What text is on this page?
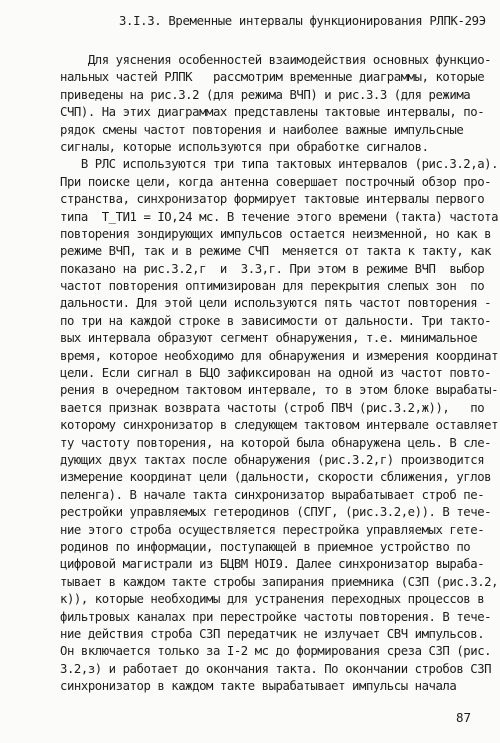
3.I.3. Временные интервалы функционирования РЛПК-29Э
Для уяснения особенностей взаимодействия основных функцио-
нальных частей РЛПК   рассмотрим временные диаграммы, которые
приведены на рис.3.2 (для режима ВЧП) и рис.3.3 (для режима
СЧП). На этих диаграммах представлены тактовые интервалы, по-
рядок смены частот повторения и наиболее важные импульсные
сигналы, которые используются при обработке сигналов.
В РЛС используются три типа тактовых интервалов (рис.3.2,а).
При поиске цели, когда антенна совершает построчный обзор про-
странства, синхронизатор формирует тактовые интервалы первого
типа  T_TИ1 = IO,24 мс. В течение этого времени (такта) частота
повторения зондирующих импульсов остается неизменной, но как в
режиме ВЧП, так и в режиме СЧП  меняется от такта к такту, как
показано на рис.3.2,г  и  3.3,г. При этом в режиме ВЧП  выбор
частот повторения оптимизирован для перекрытия слепых зон  по
дальности. Для этой цели используются пять частот повторения -
по три на каждой строке в зависимости от дальности. Три такто-
вых интервала образуют сегмент обнаружения, т.е. минимальное
время, которое необходимо для обнаружения и измерения координат
цели. Если сигнал в БЦО зафиксирован на одной из частот повто-
рения в очередном тактовом интервале, то в этом блоке вырабаты-
вается признак возврата частоты (строб ПВЧ (рис.3.2,ж)),   по
которому синхронизатор в следующем тактовом интервале оставляет
ту частоту повторения, на которой была обнаружена цель. В сле-
дующих двух тактах после обнаружения (рис.3.2,г) производится
измерение координат цели (дальности, скорости сближения, углов
пеленга). В начале такта синхронизатор вырабатывает строб пе-
рестройки управляемых гетеродинов (СПУГ, (рис.3.2,е)). В тече-
ние этого строба осуществляется перестройка управляемых гете-
родинов по информации, поступающей в приемное устройство по
цифровой магистрали из БЦВМ НОI9. Далее синхронизатор выраба-
тывает в каждом такте стробы запирания приемника (СЗП (рис.3.2,
к)), которые необходимы для устранения переходных процессов в
фильтровых каналах при перестройке частоты повторения. В тече-
ние действия строба СЗП передатчик не излучает СВЧ импульсов.
Он включается только за I-2 мс до формирования среза СЗП (рис.
3.2,з) и работает до окончания такта. По окончании стробов СЗП
синхронизатор в каждом такте вырабатывает импульсы начала
87
